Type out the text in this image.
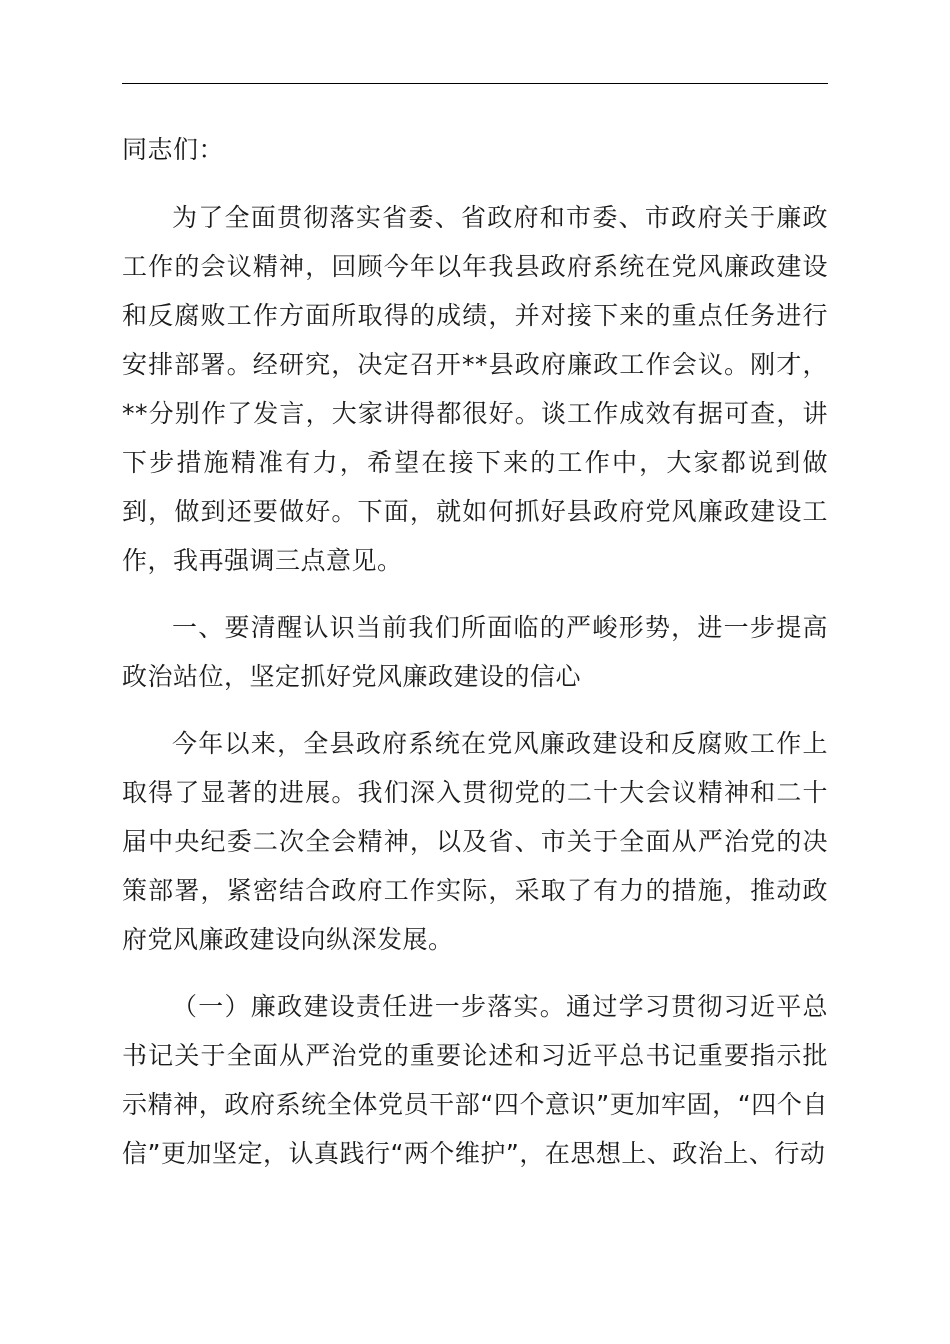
同志们：

为了全面贯彻落实省委、省政府和市委、市政府关于廉政工作的会议精神，回顾今年以年我县政府系统在党风廉政建设和反腐败工作方面所取得的成绩，并对接下来的重点任务进行安排部署。经研究，决定召开**县政府廉政工作会议。刚才，**分别作了发言，大家讲得都很好。谈工作成效有据可查，讲下步措施精准有力，希望在接下来的工作中，大家都说到做到，做到还要做好。下面，就如何抓好县政府党风廉政建设工作，我再强调三点意见。

一、要清醒认识当前我们所面临的严峻形势，进一步提高政治站位，坚定抓好党风廉政建设的信心

今年以来，全县政府系统在党风廉政建设和反腐败工作上取得了显著的进展。我们深入贯彻党的二十大会议精神和二十届中央纪委二次全会精神，以及省、市关于全面从严治党的决策部署，紧密结合政府工作实际，采取了有力的措施，推动政府党风廉政建设向纵深发展。

（一）廉政建设责任进一步落实。通过学习贯彻习近平总书记关于全面从严治党的重要论述和习近平总书记重要指示批示精神，政府系统全体党员干部“四个意识”更加牢固，“四个自信”更加坚定，认真践行“两个维护”，在思想上、政治上、行动
